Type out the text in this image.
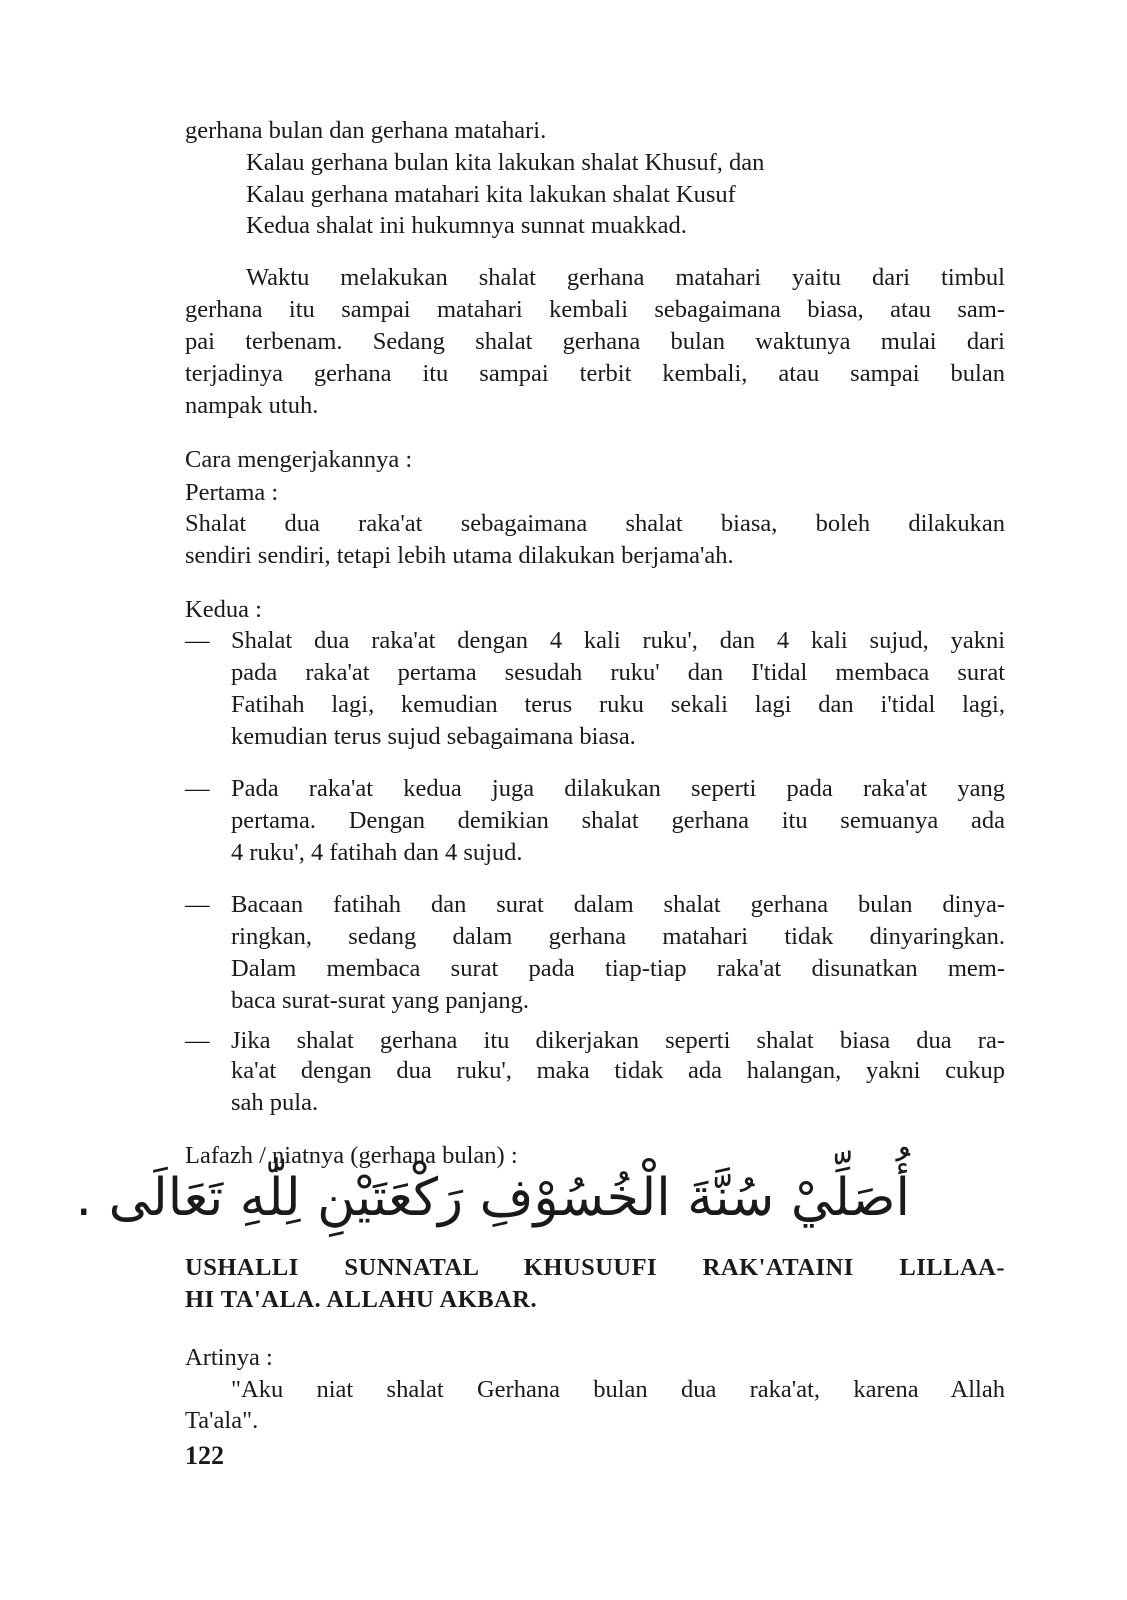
gerhana bulan dan gerhana matahari.
Kalau gerhana bulan kita lakukan shalat Khusuf, dan
Kalau gerhana matahari kita lakukan shalat Kusuf
Kedua shalat ini hukumnya sunnat muakkad.
Waktu melakukan shalat gerhana matahari yaitu dari timbul
gerhana itu sampai matahari kembali sebagaimana biasa, atau sam-
pai terbenam. Sedang shalat gerhana bulan waktunya mulai dari
terjadinya gerhana itu sampai terbit kembali, atau sampai bulan
nampak utuh.
Cara mengerjakannya :
Pertama :
Shalat dua raka'at sebagaimana shalat biasa, boleh dilakukan
sendiri sendiri, tetapi lebih utama dilakukan berjama'ah.
Kedua :
— Shalat dua raka'at dengan 4 kali ruku', dan 4 kali sujud, yakni
pada raka'at pertama sesudah ruku' dan I'tidal membaca surat
Fatihah lagi, kemudian terus ruku sekali lagi dan i'tidal lagi,
kemudian terus sujud sebagaimana biasa.
— Pada raka'at kedua juga dilakukan seperti pada raka'at yang
pertama. Dengan demikian shalat gerhana itu semuanya ada
4 ruku', 4 fatihah dan 4 sujud.
— Bacaan fatihah dan surat dalam shalat gerhana bulan dinya-
ringkan, sedang dalam gerhana matahari tidak dinyaringkan.
Dalam membaca surat pada tiap-tiap raka'at disunatkan mem-
baca surat-surat yang panjang.
— Jika shalat gerhana itu dikerjakan seperti shalat biasa dua ra-
ka'at dengan dua ruku', maka tidak ada halangan, yakni cukup
sah pula.
Lafazh / niatnya (gerhana bulan) :
أُصَلِّيْ سُنَّةَ الْخُسُوْفِ رَكْعَتَيْنِ لِلّٰهِ تَعَالَى .
USHALLI SUNNATAL KHUSUUFI RAK'ATAINI LILLAA-
HI TA'ALA. ALLAHU AKBAR.
Artinya :
"Aku niat shalat Gerhana bulan dua raka'at, karena Allah
Ta'ala".
122
